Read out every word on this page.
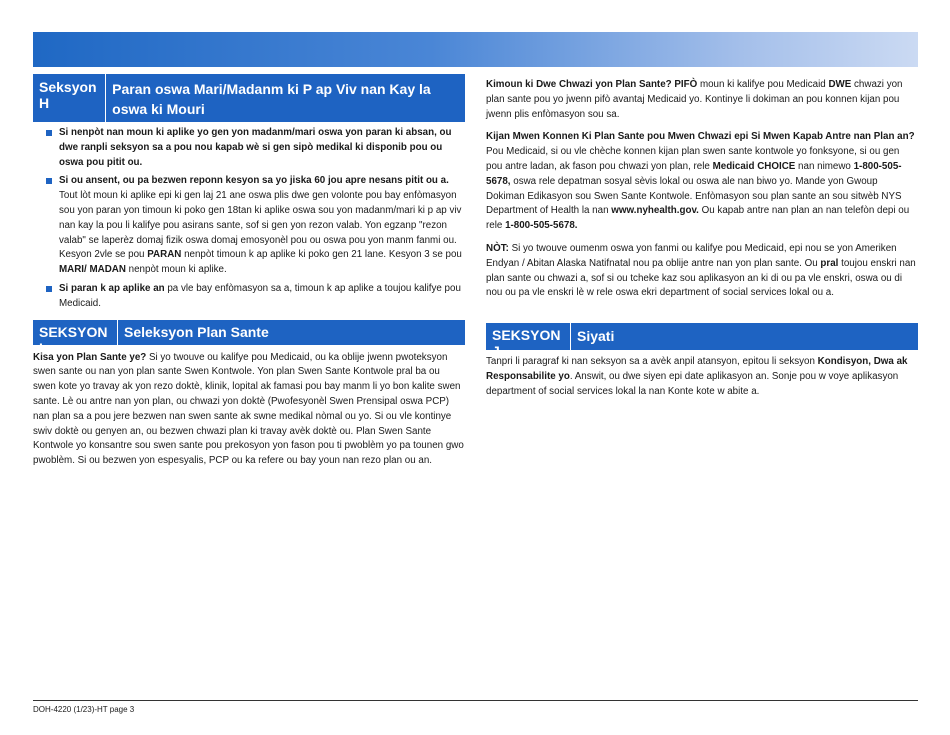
Seksyon H
Paran oswa Mari/Madanm ki P ap Viv nan Kay la oswa ki Mouri
Si nenpòt nan moun ki aplike yo gen yon madanm/mari oswa yon paran ki absan, ou dwe ranpli seksyon sa a pou nou kapab wè si gen sipò medikal ki disponib pou ou oswa pou pitit ou.
Si ou ansent, ou pa bezwen reponn kesyon sa yo jiska 60 jou apre nesans pitit ou a. Tout lòt moun ki aplike epi ki gen laj 21 ane oswa plis dwe gen volonte pou bay enfòmasyon sou yon paran yon timoun ki poko gen 18tan ki aplike oswa sou yon madanm/mari ki p ap viv nan kay la pou li kalifye pou asirans sante, sof si gen yon rezon valab. Yon egzanp "rezon valab" se laperèz domaj fizik oswa domaj emosyonèl pou ou oswa pou yon manm fanmi ou. Kesyon 2vle se pou PARAN nenpòt timoun k ap aplike ki poko gen 21 lane. Kesyon 3 se pou MARI/ MADAN nenpòt moun ki aplike.
Si paran k ap aplike an pa vle bay enfòmasyon sa a, timoun k ap aplike a toujou kalifye pou Medicaid.
SEKSYON I
Seleksyon Plan Sante

Kisa yon Plan Sante ye? Si yo twouve ou kalifye pou Medicaid, ou ka oblije jwenn pwoteksyon swen sante ou nan yon plan sante Swen Kontwole. Yon plan Swen Sante Kontwole pral ba ou swen kote yo travay ak yon rezo doktè, klinik, lopital ak famasi pou bay manm li yo bon kalite swen sante. Lè ou antre nan yon plan, ou chwazi yon doktè (Pwofesyonèl Swen Prensipal oswa PCP) nan plan sa a pou jere bezwen nan swen sante ak swne medikal nòmal ou yo. Si ou vle kontinye swiv doktè ou genyen an, ou bezwen chwazi plan ki travay avèk doktè ou. Plan Swen Sante Kontwole yo konsantre sou swen sante pou prekosyon yon fason pou ti pwoblèm yo pa tounen gwo pwoblèm. Si ou bezwen yon espesyalis, PCP ou ka refere ou bay youn nan rezo plan ou an.

Kimoun ki Dwe Chwazi yon Plan Sante? PIFÒ moun ki kalifye pou Medicaid DWE chwazi yon plan sante pou yo jwenn pifò avantaj Medicaid yo. Kontinye li dokiman an pou konnen kijan pou jwenn plis enfòmasyon sou sa.

Kijan Mwen Konnen Ki Plan Sante pou Mwen Chwazi epi Si Mwen Kapab Antre nan Plan an? Pou Medicaid, si ou vle chèche konnen kijan plan swen sante kontwole yo fonksyone, si ou gen pou antre ladan, ak fason pou chwazi yon plan, rele Medicaid CHOICE nan nimewo 1-800-505-5678, oswa rele depatman sosyal sèvis lokal ou oswa ale nan biwo yo. Mande yon Gwoup Dokiman Edikasyon sou Swen Sante Kontwole. Enfòmasyon sou plan sante an sou sitwèb NYS Department of Health la nan www.nyhealth.gov. Ou kapab antre nan plan an nan telefòn depi ou rele 1-800-505-5678.

NÒT: Si yo twouve oumenm oswa yon fanmi ou kalifye pou Medicaid, epi nou se yon Ameriken Endyan / Abitan Alaska Natifnatal nou pa oblije antre nan yon plan sante. Ou pral toujou enskri nan plan sante ou chwazi a, sof si ou tcheke kaz sou aplikasyon an ki di ou pa vle enskri, oswa ou di nou ou pa vle enskri lè w rele oswa ekri department of social services lokal ou a.

SEKSYON J
Siyati

Tanpri li paragraf ki nan seksyon sa a avèk anpil atansyon, epitou li seksyon Kondisyon, Dwa ak Responsabilite yo. Answit, ou dwe siyen epi date aplikasyon an. Sonje pou w voye aplikasyon department of social services lokal la nan Konte kote w abite a.

DOH-4220 (1/23)-HT page 3
